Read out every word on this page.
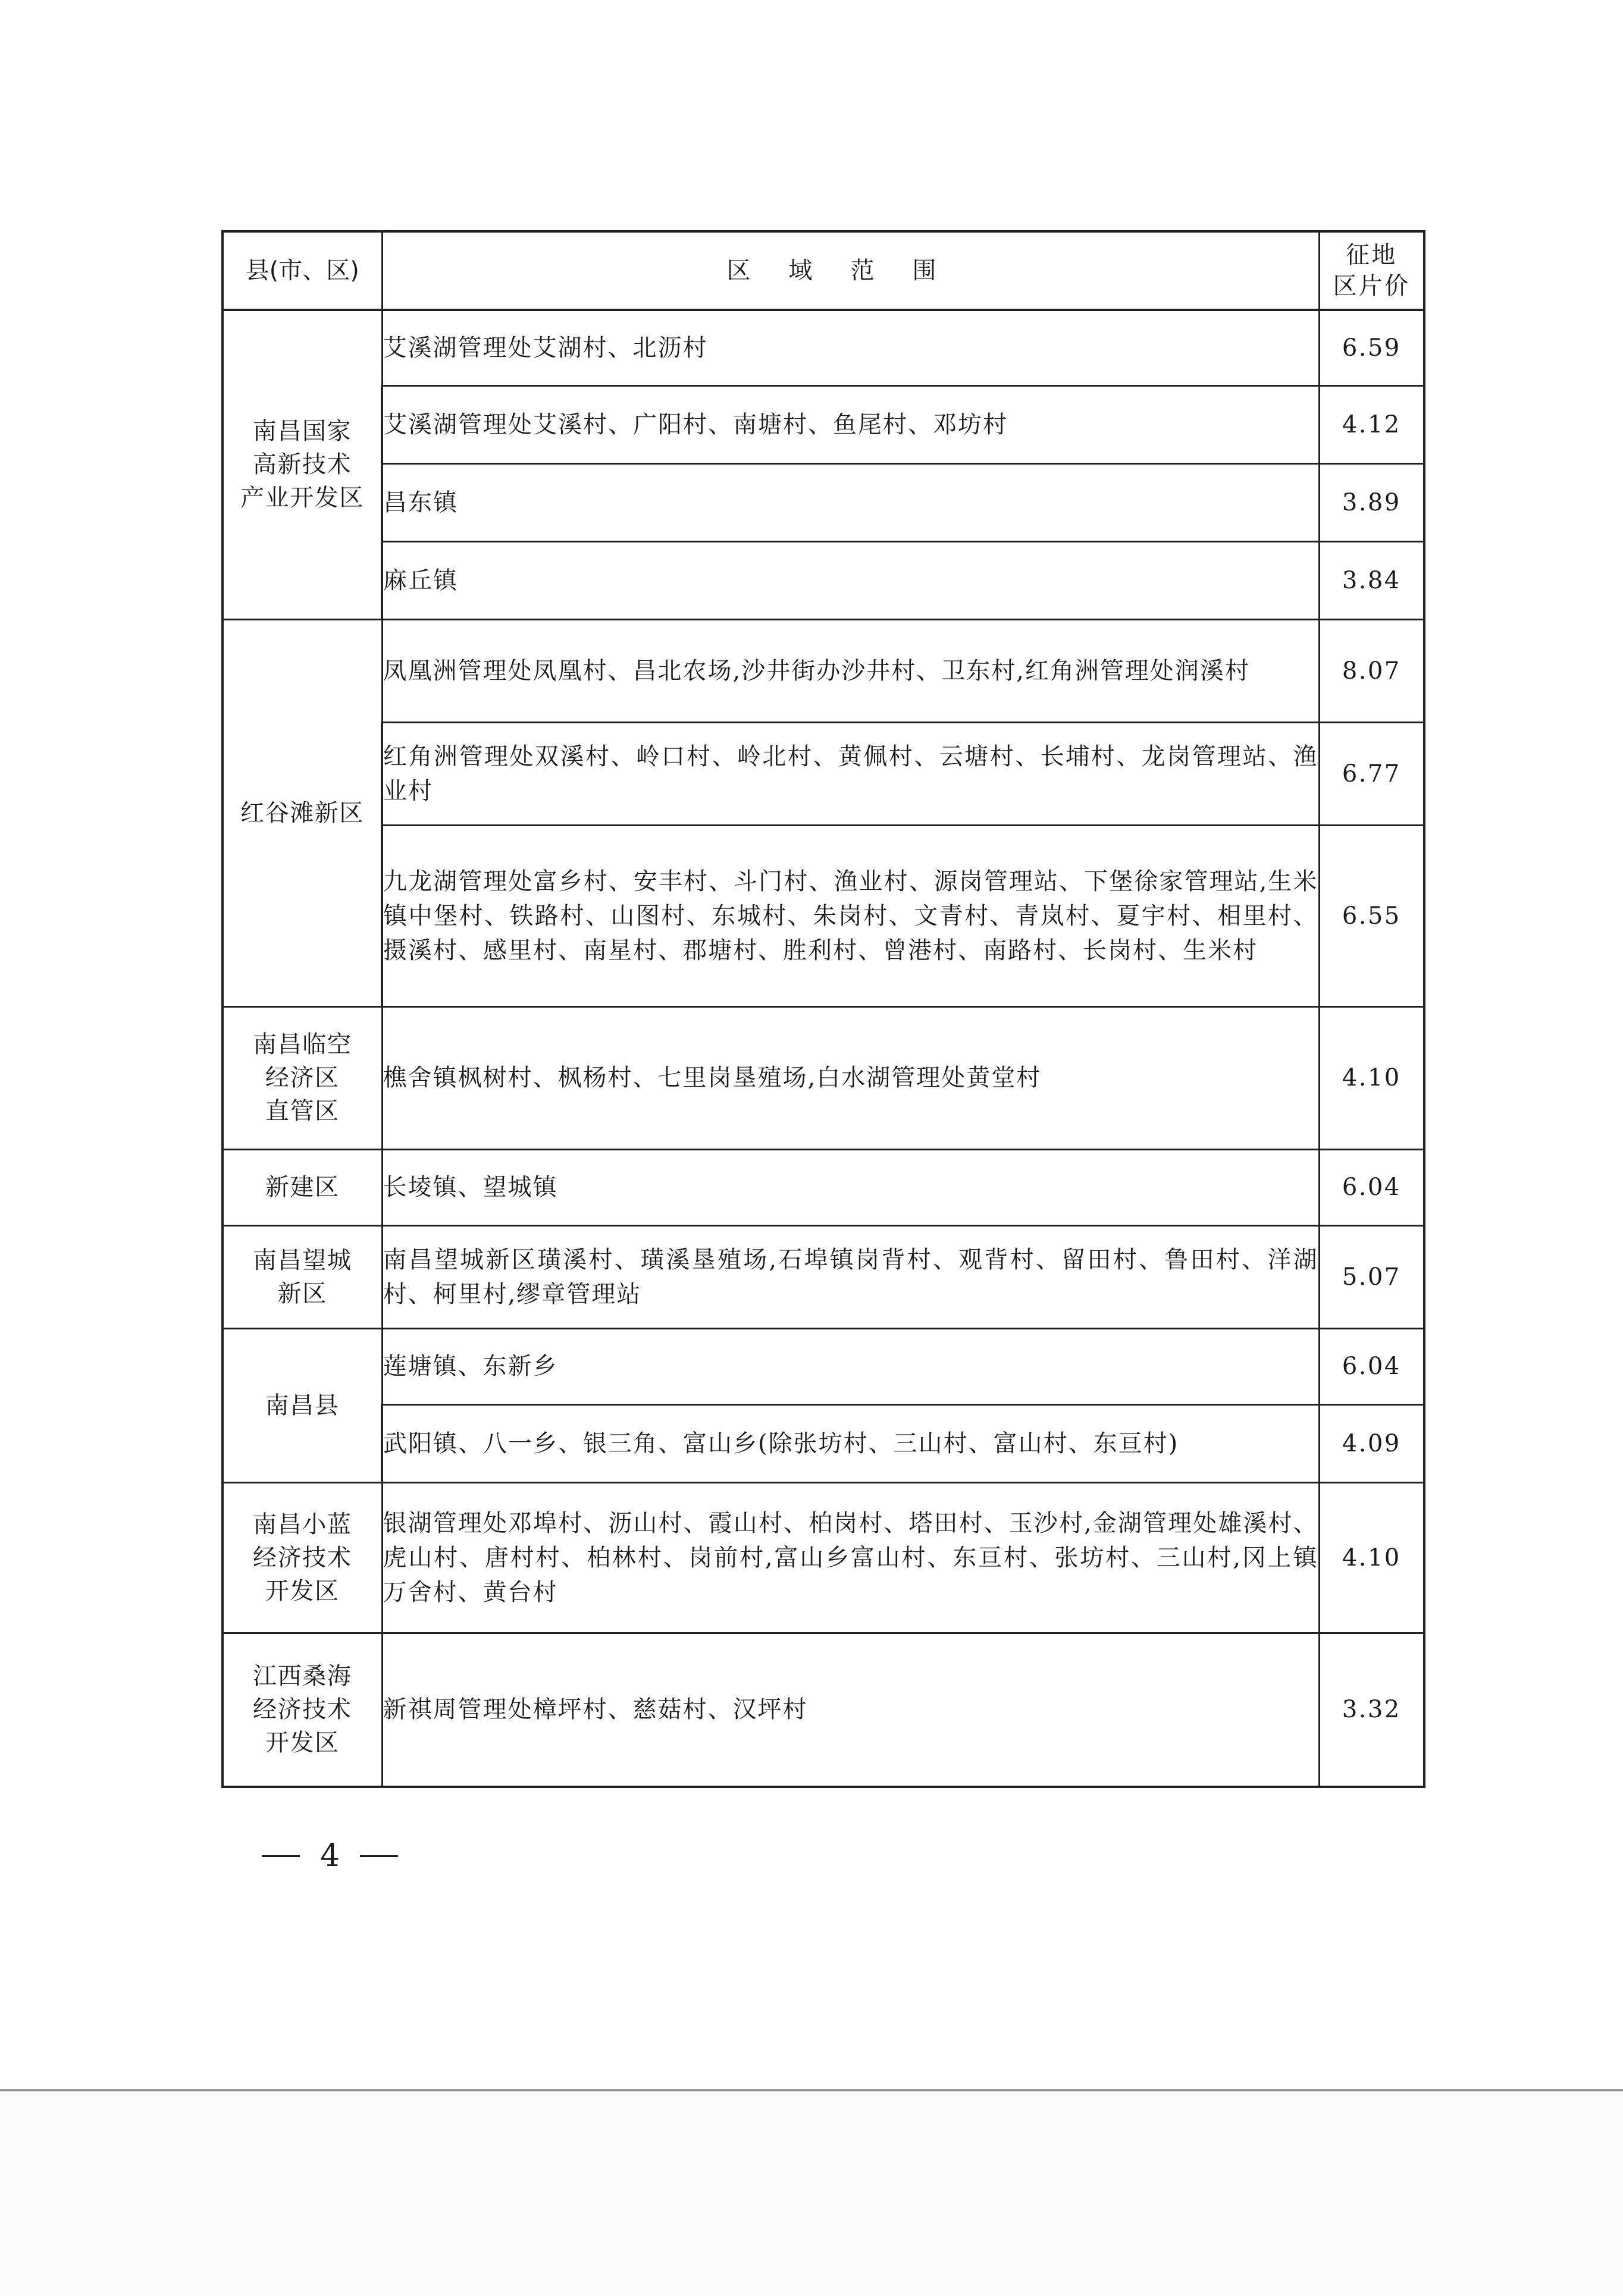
县(市、区)	区域范围	征地
区片价

南昌国家
高新技术
产业开发区	艾溪湖管理处艾湖村、北沥村	6.59
	艾溪湖管理处艾溪村、广阳村、南塘村、鱼尾村、邓坊村	4.12
	昌东镇	3.89
	麻丘镇	3.84

红谷滩新区	凤凰洲管理处凤凰村、昌北农场,沙井街办沙井村、卫东村,红角洲管理处润溪村	8.07
	红角洲管理处双溪村、岭口村、岭北村、黄佩村、云塘村、长埔村、龙岗管理站、渔业村	6.77
	九龙湖管理处富乡村、安丰村、斗门村、渔业村、源岗管理站、下堡徐家管理站,生米镇中堡村、铁路村、山图村、东城村、朱岗村、文青村、青岚村、夏宇村、相里村、摄溪村、感里村、南星村、郡塘村、胜利村、曾港村、南路村、长岗村、生米村	6.55

南昌临空
经济区
直管区	樵舍镇枫树村、枫杨村、七里岗垦殖场,白水湖管理处黄堂村	4.10

新建区	长堎镇、望城镇	6.04

南昌望城
新区	南昌望城新区璜溪村、璜溪垦殖场,石埠镇岗背村、观背村、留田村、鲁田村、洋湖村、柯里村,缪章管理站	5.07

南昌县	莲塘镇、东新乡	6.04
	武阳镇、八一乡、银三角、富山乡(除张坊村、三山村、富山村、东亘村)	4.09

南昌小蓝
经济技术
开发区	银湖管理处邓埠村、沥山村、霞山村、柏岗村、塔田村、玉沙村,金湖管理处雄溪村、虎山村、唐村村、柏林村、岗前村,富山乡富山村、东亘村、张坊村、三山村,冈上镇万舍村、黄台村	4.10

江西桑海
经济技术
开发区	新祺周管理处樟坪村、慈菇村、汉坪村	3.32
4
